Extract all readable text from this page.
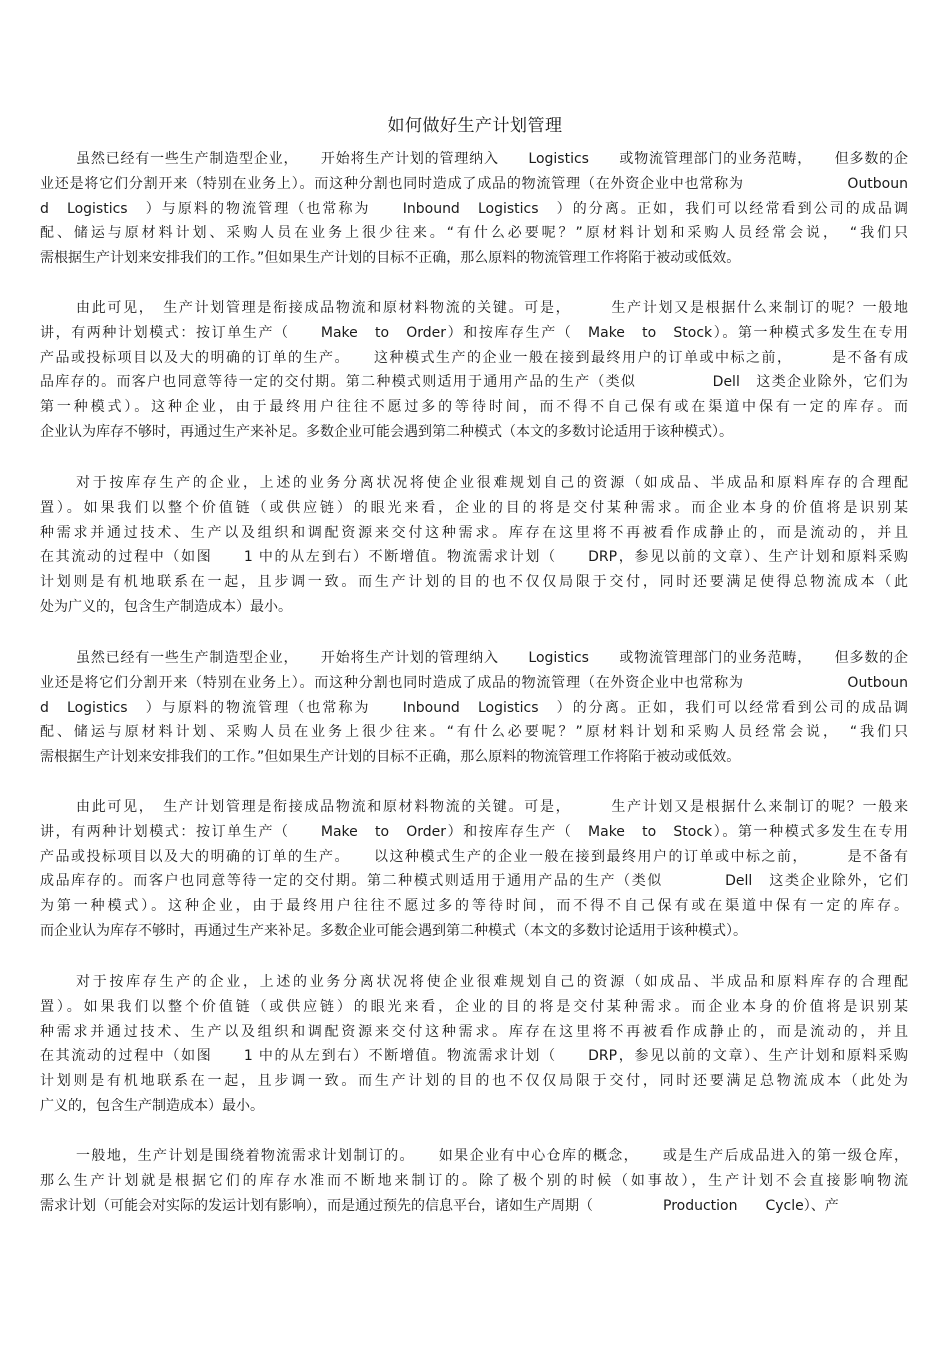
如何做好生产计划管理
虽然已经有一些生产制造型企业，　　开始将生产计划的管理纳入　　Logistics　　或物流管理部门的业务范畴，　　但多数的企
业还是将它们分割开来（特别在业务上）。而这种分割也同时造成了成品的物流管理（在外资企业中也常称为　　　　　　　Outboun
d　Logistics　）与原料的物流管理（也常称为　　Inbound　Logistics　）的分离。正如，我们可以经常看到公司的成品调
配、储运与原材料计划、采购人员在业务上很少往来。“有什么必要呢？”原材料计划和采购人员经常会说，　“我们只
需根据生产计划来安排我们的工作。”但如果生产计划的目标不正确，那么原料的物流管理工作将陷于被动或低效。
由此可见，　生产计划管理是衔接成品物流和原材料物流的关键。可是，　　　生产计划又是根据什么来制订的呢？一般地
讲，有两种计划模式：按订单生产（　　Make　to　Order）和按库存生产（　Make　to　Stock）。第一种模式多发生在专用
产品或投标项目以及大的明确的订单的生产。　　这种模式生产的企业一般在接到最终用户的订单或中标之前，　　　是不备有成
品库存的。而客户也同意等待一定的交付期。第二种模式则适用于通用产品的生产（类似　　　　　Dell　这类企业除外，它们为
第一种模式）。这种企业，由于最终用户往往不愿过多的等待时间，而不得不自己保有或在渠道中保有一定的库存。而
企业认为库存不够时，再通过生产来补足。多数企业可能会遇到第二种模式（本文的多数讨论适用于该种模式）。
对于按库存生产的企业，上述的业务分离状况将使企业很难规划自己的资源（如成品、半成品和原料库存的合理配
置）。如果我们以整个价值链（或供应链）的眼光来看，企业的目的将是交付某种需求。而企业本身的价值将是识别某
种需求并通过技术、生产以及组织和调配资源来交付这种需求。库存在这里将不再被看作成静止的，而是流动的，并且
在其流动的过程中（如图　　1 中的从左到右）不断增值。物流需求计划（　　DRP，参见以前的文章）、生产计划和原料采购
计划则是有机地联系在一起，且步调一致。而生产计划的目的也不仅仅局限于交付，同时还要满足使得总物流成本（此
处为广义的，包含生产制造成本）最小。
虽然已经有一些生产制造型企业，　　开始将生产计划的管理纳入　　Logistics　　或物流管理部门的业务范畴，　　但多数的企
业还是将它们分割开来（特别在业务上）。而这种分割也同时造成了成品的物流管理（在外资企业中也常称为　　　　　　　Outboun
d　Logistics　）与原料的物流管理（也常称为　　Inbound　Logistics　）的分离。正如，我们可以经常看到公司的成品调
配、储运与原材料计划、采购人员在业务上很少往来。“有什么必要呢？”原材料计划和采购人员经常会说，　“我们只
需根据生产计划来安排我们的工作。”但如果生产计划的目标不正确，那么原料的物流管理工作将陷于被动或低效。
由此可见，　生产计划管理是衔接成品物流和原材料物流的关键。可是，　　　生产计划又是根据什么来制订的呢？一般来
讲，有两种计划模式：按订单生产（　　Make　to　Order）和按库存生产（　Make　to　Stock）。第一种模式多发生在专用
产品或投标项目以及大的明确的订单的生产。　　以这种模式生产的企业一般在接到最终用户的订单或中标之前，　　　是不备有
成品库存的。而客户也同意等待一定的交付期。第二种模式则适用于通用产品的生产（类似　　　　Dell　这类企业除外，它们
为第一种模式）。这种企业，由于最终用户往往不愿过多的等待时间，而不得不自己保有或在渠道中保有一定的库存。
而企业认为库存不够时，再通过生产来补足。多数企业可能会遇到第二种模式（本文的多数讨论适用于该种模式）。
对于按库存生产的企业，上述的业务分离状况将使企业很难规划自己的资源（如成品、半成品和原料库存的合理配
置）。如果我们以整个价值链（或供应链）的眼光来看，企业的目的将是交付某种需求。而企业本身的价值将是识别某
种需求并通过技术、生产以及组织和调配资源来交付这种需求。库存在这里将不再被看作成静止的，而是流动的，并且
在其流动的过程中（如图　　1 中的从左到右）不断增值。物流需求计划（　　DRP，参见以前的文章）、生产计划和原料采购
计划则是有机地联系在一起，且步调一致。而生产计划的目的也不仅仅局限于交付，同时还要满足总物流成本（此处为
广义的，包含生产制造成本）最小。
一般地，生产计划是围绕着物流需求计划制订的。　　如果企业有中心仓库的概念，　　或是生产后成品进入的第一级仓库，
那么生产计划就是根据它们的库存水准而不断地来制订的。除了极个别的时候（如事故），生产计划不会直接影响物流
需求计划（可能会对实际的发运计划有影响），而是通过预先的信息平台，诸如生产周期（　　　　　Production　　Cycle）、产
